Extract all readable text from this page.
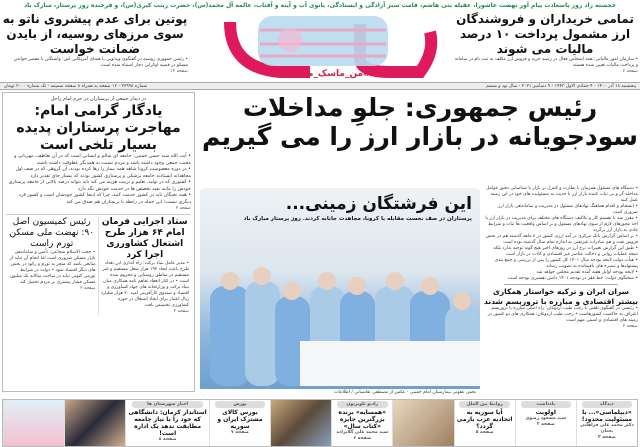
خجسته زاد روز باسعادت پیام آور نهضت عاشورا، عقیله بنی هاشم، قامت سبز آزادگی و ایستادگی، بانوی آب و آینه و آفتاب، عالمه آل محمد(س)، حضرت زینب کبری(س)، و فرخنده روز پرستار، مبارک باد
پوتین برای عدم پیشروی ناتو به سوی مرزهای روسیه، از بایدن ضمانت خواست
• رئیس جمهوری روسیه در گفتگوی ویدئویی با همتای آمریکایی اش: واشنگتن با مقصر خواندن مسکو در قضیه اوکراین دچار اشتباه شده است
صفحه ۱۲	#من_ماسک_می زنم
تمامی خریداران و فروشندگان ارز مشمول پرداخت ۱۰ درصد مالیات می شوند
• سازمان امور مالیاتی: همه اشخاص فعال در زمینه خرید و فروش ارز مکلف به ثبت نام در سامانه و پرداخت مالیات تعیین شده هستند
صفحه ۲
پنجشنبه ۱۸ آذر ۱۴۰۰ - ۴ جمادی الاول ۱۴۴۳ - ۹ دسامبر ۲۰۲۱ - سال نود و ششم
شماره ۲۷۹۹۸ - ۱۲ صفحه به همراه ۸ صفحه ضمیمه - تک شماره ۲۰۰۰ تومان
رئیس جمهوری: جلوِ مداخلات سودجویانه در بازار ارز را می گیریم
در دیدار جمعی از پرستاران در حرم امام راحل
یادگار گرامی امام: مهاجرت پرستاران پدیده بسیار تلخی است
• آیت الله سید حسن خمینی: جامعه ای سالم و انسانی است که در آن تعاطف، مهربانی و محبت جمعی وجود داشته باشد و مردم نسبت به همدیگر عطوفت داشته باشند
• در دوره معصومیت کرونا شاهد همه بیمار را رها کرده بودند، آن گروهی که در صف اول مجاهدانه ایستادند جامعه پزشکی و پرستاری کشور بودند که بسیار جای تقدیر دارد
• کشوری که در تولید، تعلیم و تربیت هزینه می کند باید بتواند درصد بالایی از جامعه پرستاری خودش را مانند بقیه تخصص ها در خدمت خودش نگه دارد
• همه نخبگان باید در کشور خدمت کنند، چرا که اینجا کشور خودشان است و کشور فرد دیگری نیست؛ این جمله در رابطه با پرستاران هم صدق می کند
صفحه ۲
ستاد اجرایی فرمان امام ۶۴ هزار طرح اشتغال کشاورزی اجرا کرد
• مدیر عامل بنیاد برکت: راه اندازی این تعداد طرح باعث ایجاد ۱۹۲ هزار شغل مستقیم و غیر مستقیم در مناطق روستایی و محروم شده است • در کنار انعقاد تفاهم نامه همکاری میان بنیاد برکت و وزارتخانه های جهاد کشاورزی و اقتصاد و صندوق کارآفرینی امید ۲۰ هزار میلیارد ریال اعتبار برای ایجاد اشتغال در حوزه کشاورزی تخصیص یافت
صفحه ۲
رئیس کمیسیون اصل ۹۰: نهضت ملی مسکن تورم زاست
• حجت الاسلام شجاعی: تأمین و ساماندهی بازار مسکن ضروری است اما انجام آن نباید از منابعی باشد که منجر به تورم و رکود در بخش های دیگر اقتصاد شود • دولت در شرایط تورمی کنونی نباید در ساخت سالانه یک میلیون مسکن فشار بیشتری بر مردم تحمیل کند
صفحه ۲
این فرشتگان زمینی...
پرستاران در صف نخست مقابله با کرونا، مجاهدت جانانه کردند. روز پرستار مبارک باد
بخش عفونی بیمارستان امام خمینی - عکس از مصطفی نقاشیانی / اطلاعات
• دستگاه های مسئول همزمان با نظارت و کنترل بر بازار با شناسایی دقیق عوامل مداخله گر و بی ثبات کننده بازار ارز با جدیت به مسئولیت های خود در این زمینه عمل کنند
• انسجام و اقدام هماهنگ نهادهای مسئول در مدیریت و ساماندهی بازار ارز ضروری است
• مقرر شد با تقسیم کار و تکالیف دستگاه های مختلف برای مدیریت در بازار ارز با اخذ مجوزهای لازم از سوی نهادهای مسئول و بر اساس واقعیت ها ثبات و شرایط عادی به بازار ارز برگردد
• بر اساس گزارش بانک مرکزی در آمد ارزی کشور در ۸ ماهه گذشته هم در بخش فروش نفت و هم صادرات غیرنفتی به اندازه تمام سال گذشته بوده است
• طبق این گزارش تغییرات نرخ ارز در روزهای اخیر هیچ گونه توجیه ندارد بلکه نتیجه عملیات روانی و دخالت عناصر غیر اقتصادی و کاذب در بازار است
• هیأت دولت لایحه بودجه سال ۱۴۰۱ کل کشور را پس از بررسی و جمع بندی پیشنهادها و تبصره های باقیمانده به تصویب رساند
• لایحه بودجه اوایل هفته آینده تقدیم مجلس خواهد شد
• سخنگوی دولت: خط فقر در بودجه ۱۴۰۱ دانش تفسیری بودجه است
سران ایران و ترکیه خواستار همکاری بیشتر اقتصادی و مبارزه با تروریسم شدند
• رئیسی در گفتگوی تلفنی با رجب طیب اردوغان: راه اصلی مبارزه با تروریسم اعتراف به حاکمیت کشورهاست • رجب طیب اردوغان: همکاری های دو کشور در زمینه های اقتصادی و امنیتی مهم است
صفحه ۲
دیدگاه
«دیپلماسی»... با مسئولیت محدود!
دکتر محمد علی فراهانی بختان
صفحه ۳
یادداشت
اولویت
سید مسعود رضوی
صفحه ۲
روابط بین الملل
آیا سوریه به اتحادیه عرب بازمی گردد؟
صفحه ۵
رادیو تلویزیون
«همسایه» برنده بزرگترین جایزه «کتاب سال»
سید محمد علی گلابزاده
صفحه ۶
بورس
بورس کالای مشترک ایران و سوریه
صفحه ۷
اخبار شهرستان ها
استاندار کرمان: دانشگاهی که خود را با نیاز جامعه مطابقت ندهد یک اداره است!
صفحه ۸
